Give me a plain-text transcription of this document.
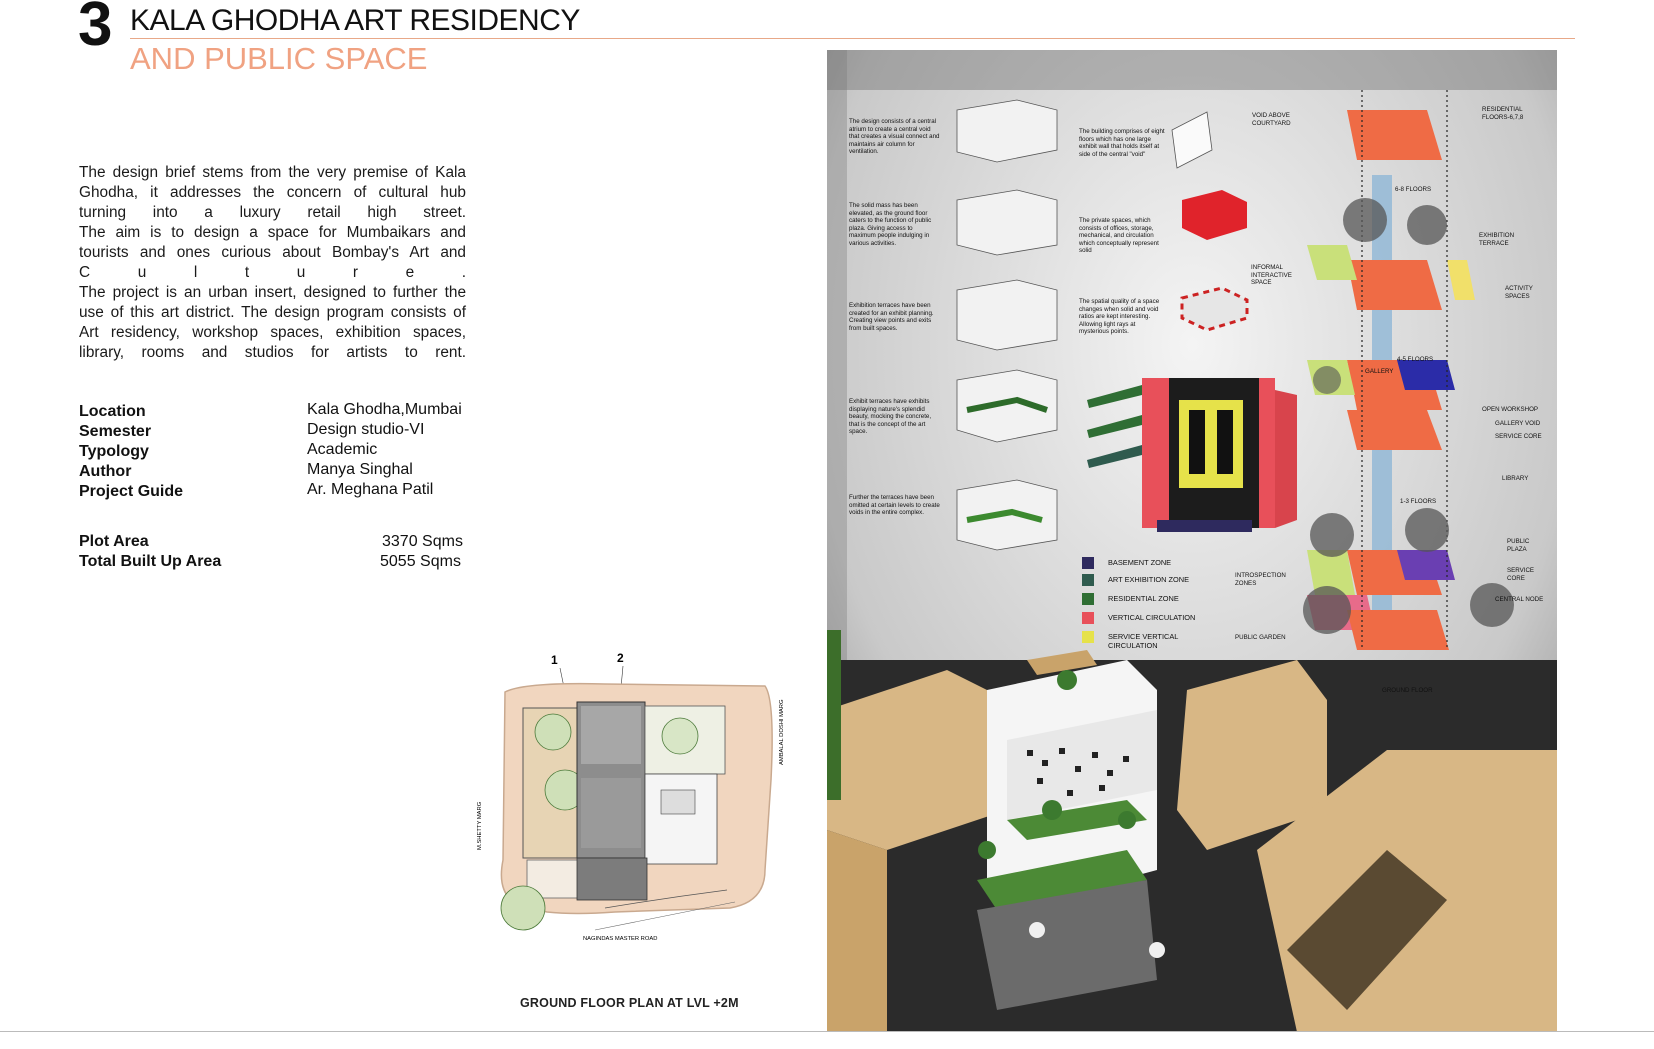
3 KALA GHODHA ART RESIDENCY
AND PUBLIC SPACE

The design brief stems from the very premise of Kala

Ghodha, it addresses the concern of cultural hub

turning into a luxury retail high street.

The aim is to design a space for Mumbaikars and

tourists and ones curious about Bombay's Art and

C u l t u r e .

The project is an urban insert, designed to further the

use of this art district. The design program consists of

Art residency, workshop spaces, exhibition spaces,

library, rooms and studios for artists to rent.

Location	Kala Ghodha,Mumbai
Semester	Design studio-VI
Typology	Academic
Author	Manya Singhal
Project Guide	Ar. Meghana Patil
Plot Area	3370 Sqms
Total Built Up Area	5055 Sqms
1	2
NAGINDAS MASTER ROAD
AMBALAL DOSHI MARG
M.SHETTY MARG
GROUND FLOOR PLAN AT LVL +2M
The design consists of a central atrium to create a central void that creates a visual connect and maintains air column for ventilation.
The solid mass has been elevated, as the ground floor caters to the function of public plaza. Giving access to maximum people indulging in various activities.
Exhibition terraces have been created for an exhibit planning. Creating view points and exits from built spaces.
Exhibit terraces have exhibits displaying nature's splendid beauty, mocking the concrete, that is the concept of the art space.
Further the terraces have been omitted at certain levels to create voids in the entire complex.
The building comprises of eight floors which has one large exhibit wall that holds itself at side of the central "void"
The private spaces, which consists of offices, storage, mechanical, and circulation which conceptually represent solid
The spatial quality of a space changes when solid and void ratios are kept interesting. Allowing light rays at mysterious points.
BASEMENT ZONE
ART EXHIBITION ZONE
RESIDENTIAL ZONE
VERTICAL CIRCULATION
SERVICE VERTICAL CIRCULATION
VOID ABOVE COURTYARD
RESIDENTIAL FLOORS-6,7,8
6-8 FLOORS
EXHIBITION TERRACE
INFORMAL INTERACTIVE SPACE
ACTIVITY SPACES
4-5 FLOORS
GALLERY
OPEN WORKSHOP
GALLERY VOID
SERVICE CORE
LIBRARY
1-3 FLOORS
PUBLIC PLAZA
SERVICE CORE
INTROSPECTION ZONES
CENTRAL NODE
PUBLIC GARDEN
GROUND FLOOR
